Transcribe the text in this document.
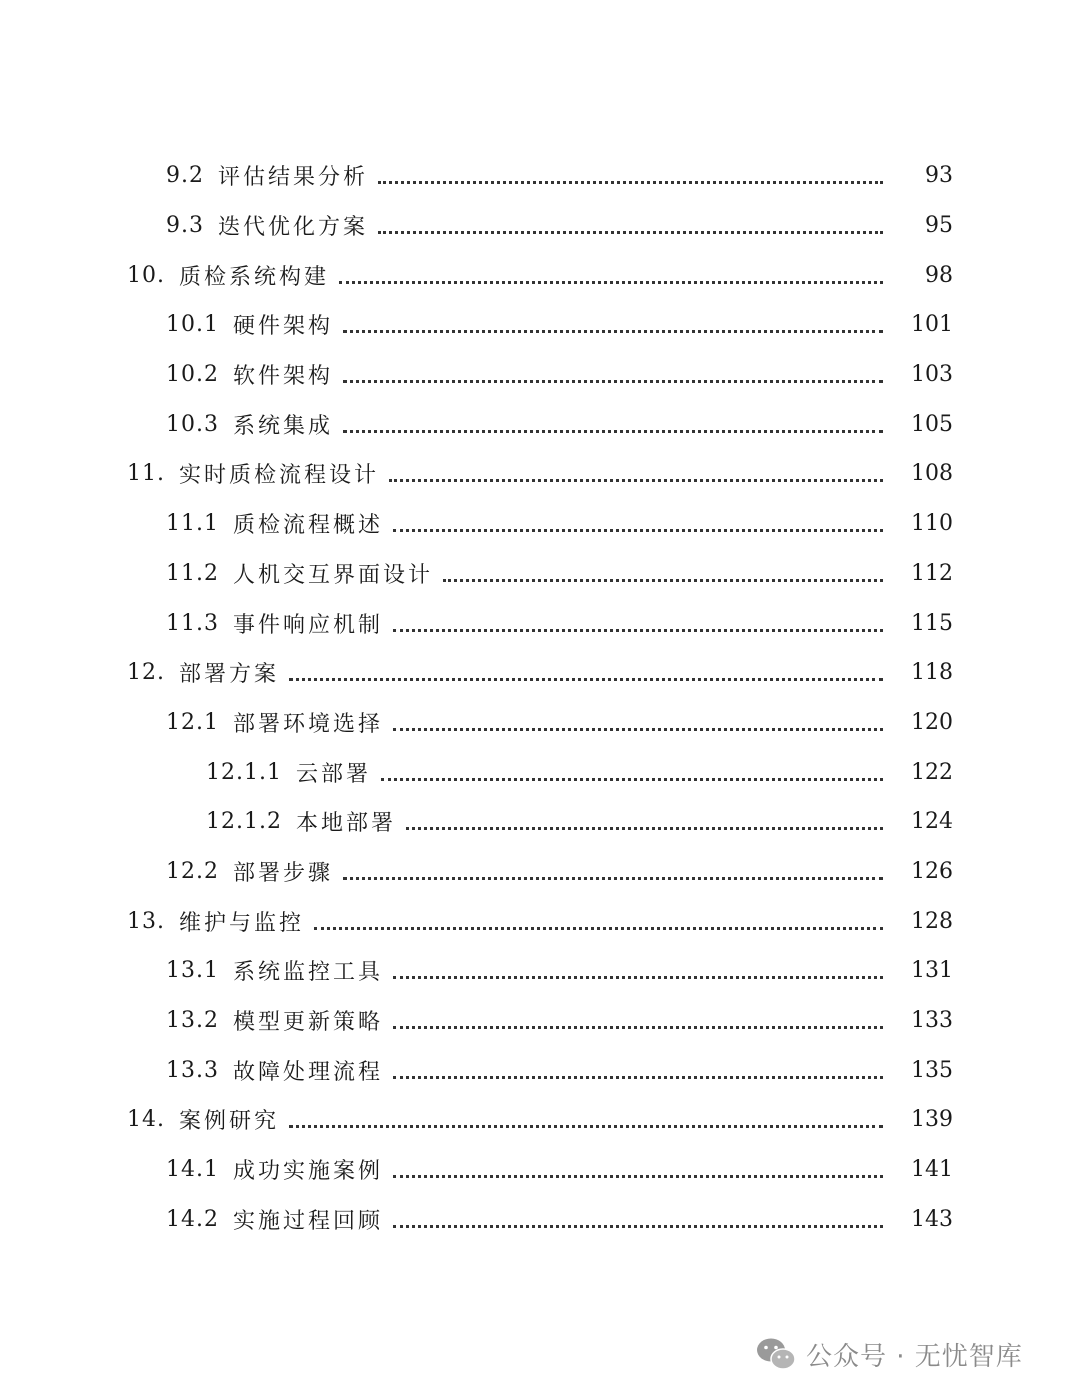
9.2 评估结果分析	93
9.3 迭代优化方案	95
10. 质检系统构建	98
10.1 硬件架构	101
10.2 软件架构	103
10.3 系统集成	105
11. 实时质检流程设计	108
11.1 质检流程概述	110
11.2 人机交互界面设计	112
11.3 事件响应机制	115
12. 部署方案	118
12.1 部署环境选择	120
12.1.1 云部署	122
12.1.2 本地部署	124
12.2 部署步骤	126
13. 维护与监控	128
13.1 系统监控工具	131
13.2 模型更新策略	133
13.3 故障处理流程	135
14. 案例研究	139
14.1 成功实施案例	141
14.2 实施过程回顾	143
公众号 · 无忧智库
